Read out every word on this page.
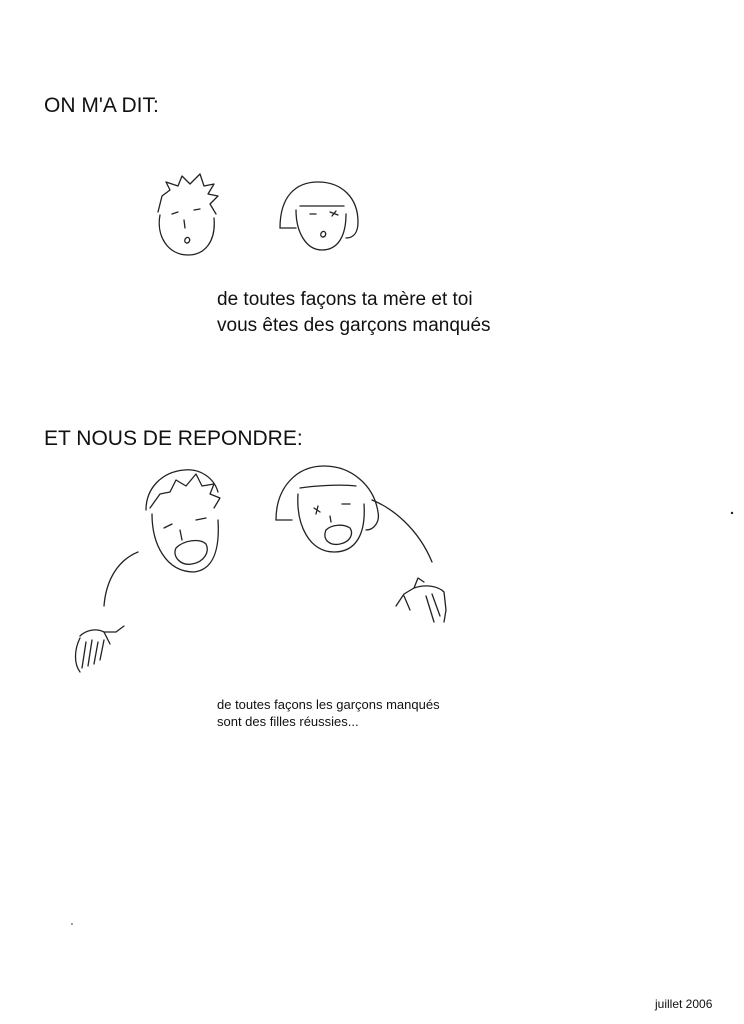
ON M'A DIT:

de toutes façons ta mère et toi
vous êtes des garçons manqués

ET NOUS DE REPONDRE:

de toutes façons les garçons manqués
sont des filles réussies...

juillet 2006
